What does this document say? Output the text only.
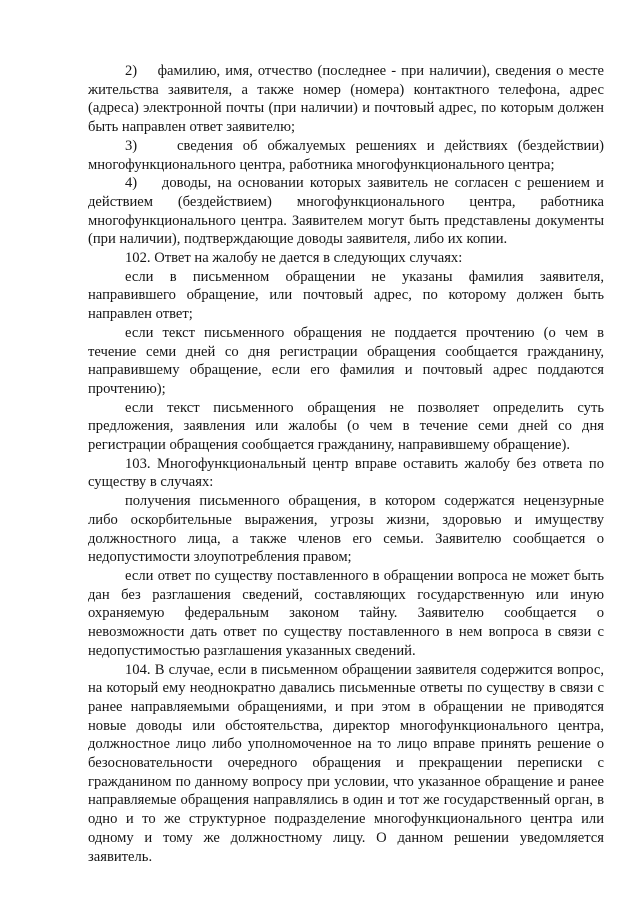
2)    фамилию, имя, отчество (последнее - при наличии), сведения о месте жительства заявителя, а также номер (номера) контактного телефона, адрес (адреса) электронной почты (при наличии) и почтовый адрес, по которым должен быть направлен ответ заявителю;

3)    сведения об обжалуемых решениях и действиях (бездействии) многофункционального центра, работника многофункционального центра;

4)    доводы, на основании которых заявитель не согласен с решением и действием (бездействием) многофункционального центра, работника многофункционального центра. Заявителем могут быть представлены документы (при наличии), подтверждающие доводы заявителя, либо их копии.

102. Ответ на жалобу не дается в следующих случаях:

если в письменном обращении не указаны фамилия заявителя, направившего обращение, или почтовый адрес, по которому должен быть направлен ответ;

если текст письменного обращения не поддается прочтению (о чем в течение семи дней со дня регистрации обращения сообщается гражданину, направившему обращение, если его фамилия и почтовый адрес поддаются прочтению);

если текст письменного обращения не позволяет определить суть предложения, заявления или жалобы (о чем в течение семи дней со дня регистрации обращения сообщается гражданину, направившему обращение).

103. Многофункциональный центр вправе оставить жалобу без ответа по существу в случаях:

получения письменного обращения, в котором содержатся нецензурные либо оскорбительные выражения, угрозы жизни, здоровью и имуществу должностного лица, а также членов его семьи. Заявителю сообщается о недопустимости злоупотребления правом;

если ответ по существу поставленного в обращении вопроса не может быть дан без разглашения сведений, составляющих государственную или иную охраняемую федеральным законом тайну. Заявителю сообщается о невозможности дать ответ по существу поставленного в нем вопроса в связи с недопустимостью разглашения указанных сведений.

104. В случае, если в письменном обращении заявителя содержится вопрос, на который ему неоднократно давались письменные ответы по существу в связи с ранее направляемыми обращениями, и при этом в обращении не приводятся новые доводы или обстоятельства, директор многофункционального центра, должностное лицо либо уполномоченное на то лицо вправе принять решение о безосновательности очередного обращения и прекращении переписки с гражданином по данному вопросу при условии, что указанное обращение и ранее направляемые обращения направлялись в один и тот же государственный орган, в одно и то же структурное подразделение многофункционального центра или одному и тому же должностному лицу. О данном решении уведомляется заявитель.
